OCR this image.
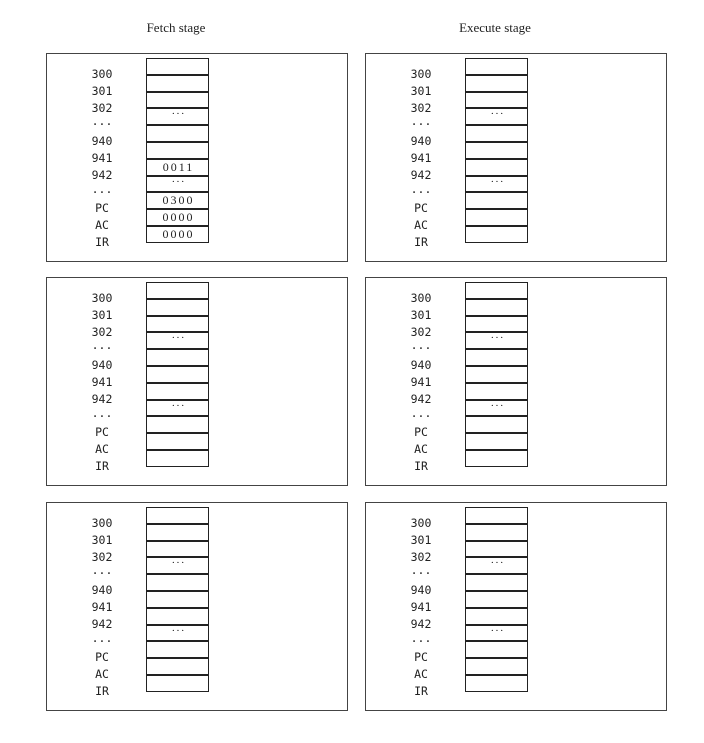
Fetch stage	Execute stage
300
301
302
···
···
940
941
942
0011
···
···
PC
0300
AC
0000
IR
0000
300
301
302
···
···
940
941
942
···
···
PC
AC
IR
300
301
302
···
···
940
941
942
···
···
PC
AC
IR
300
301
302
···
···
940
941
942
···
···
PC
AC
IR
300
301
302
···
···
940
941
942
···
···
PC
AC
IR
300
301
302
···
···
940
941
942
···
···
PC
AC
IR
